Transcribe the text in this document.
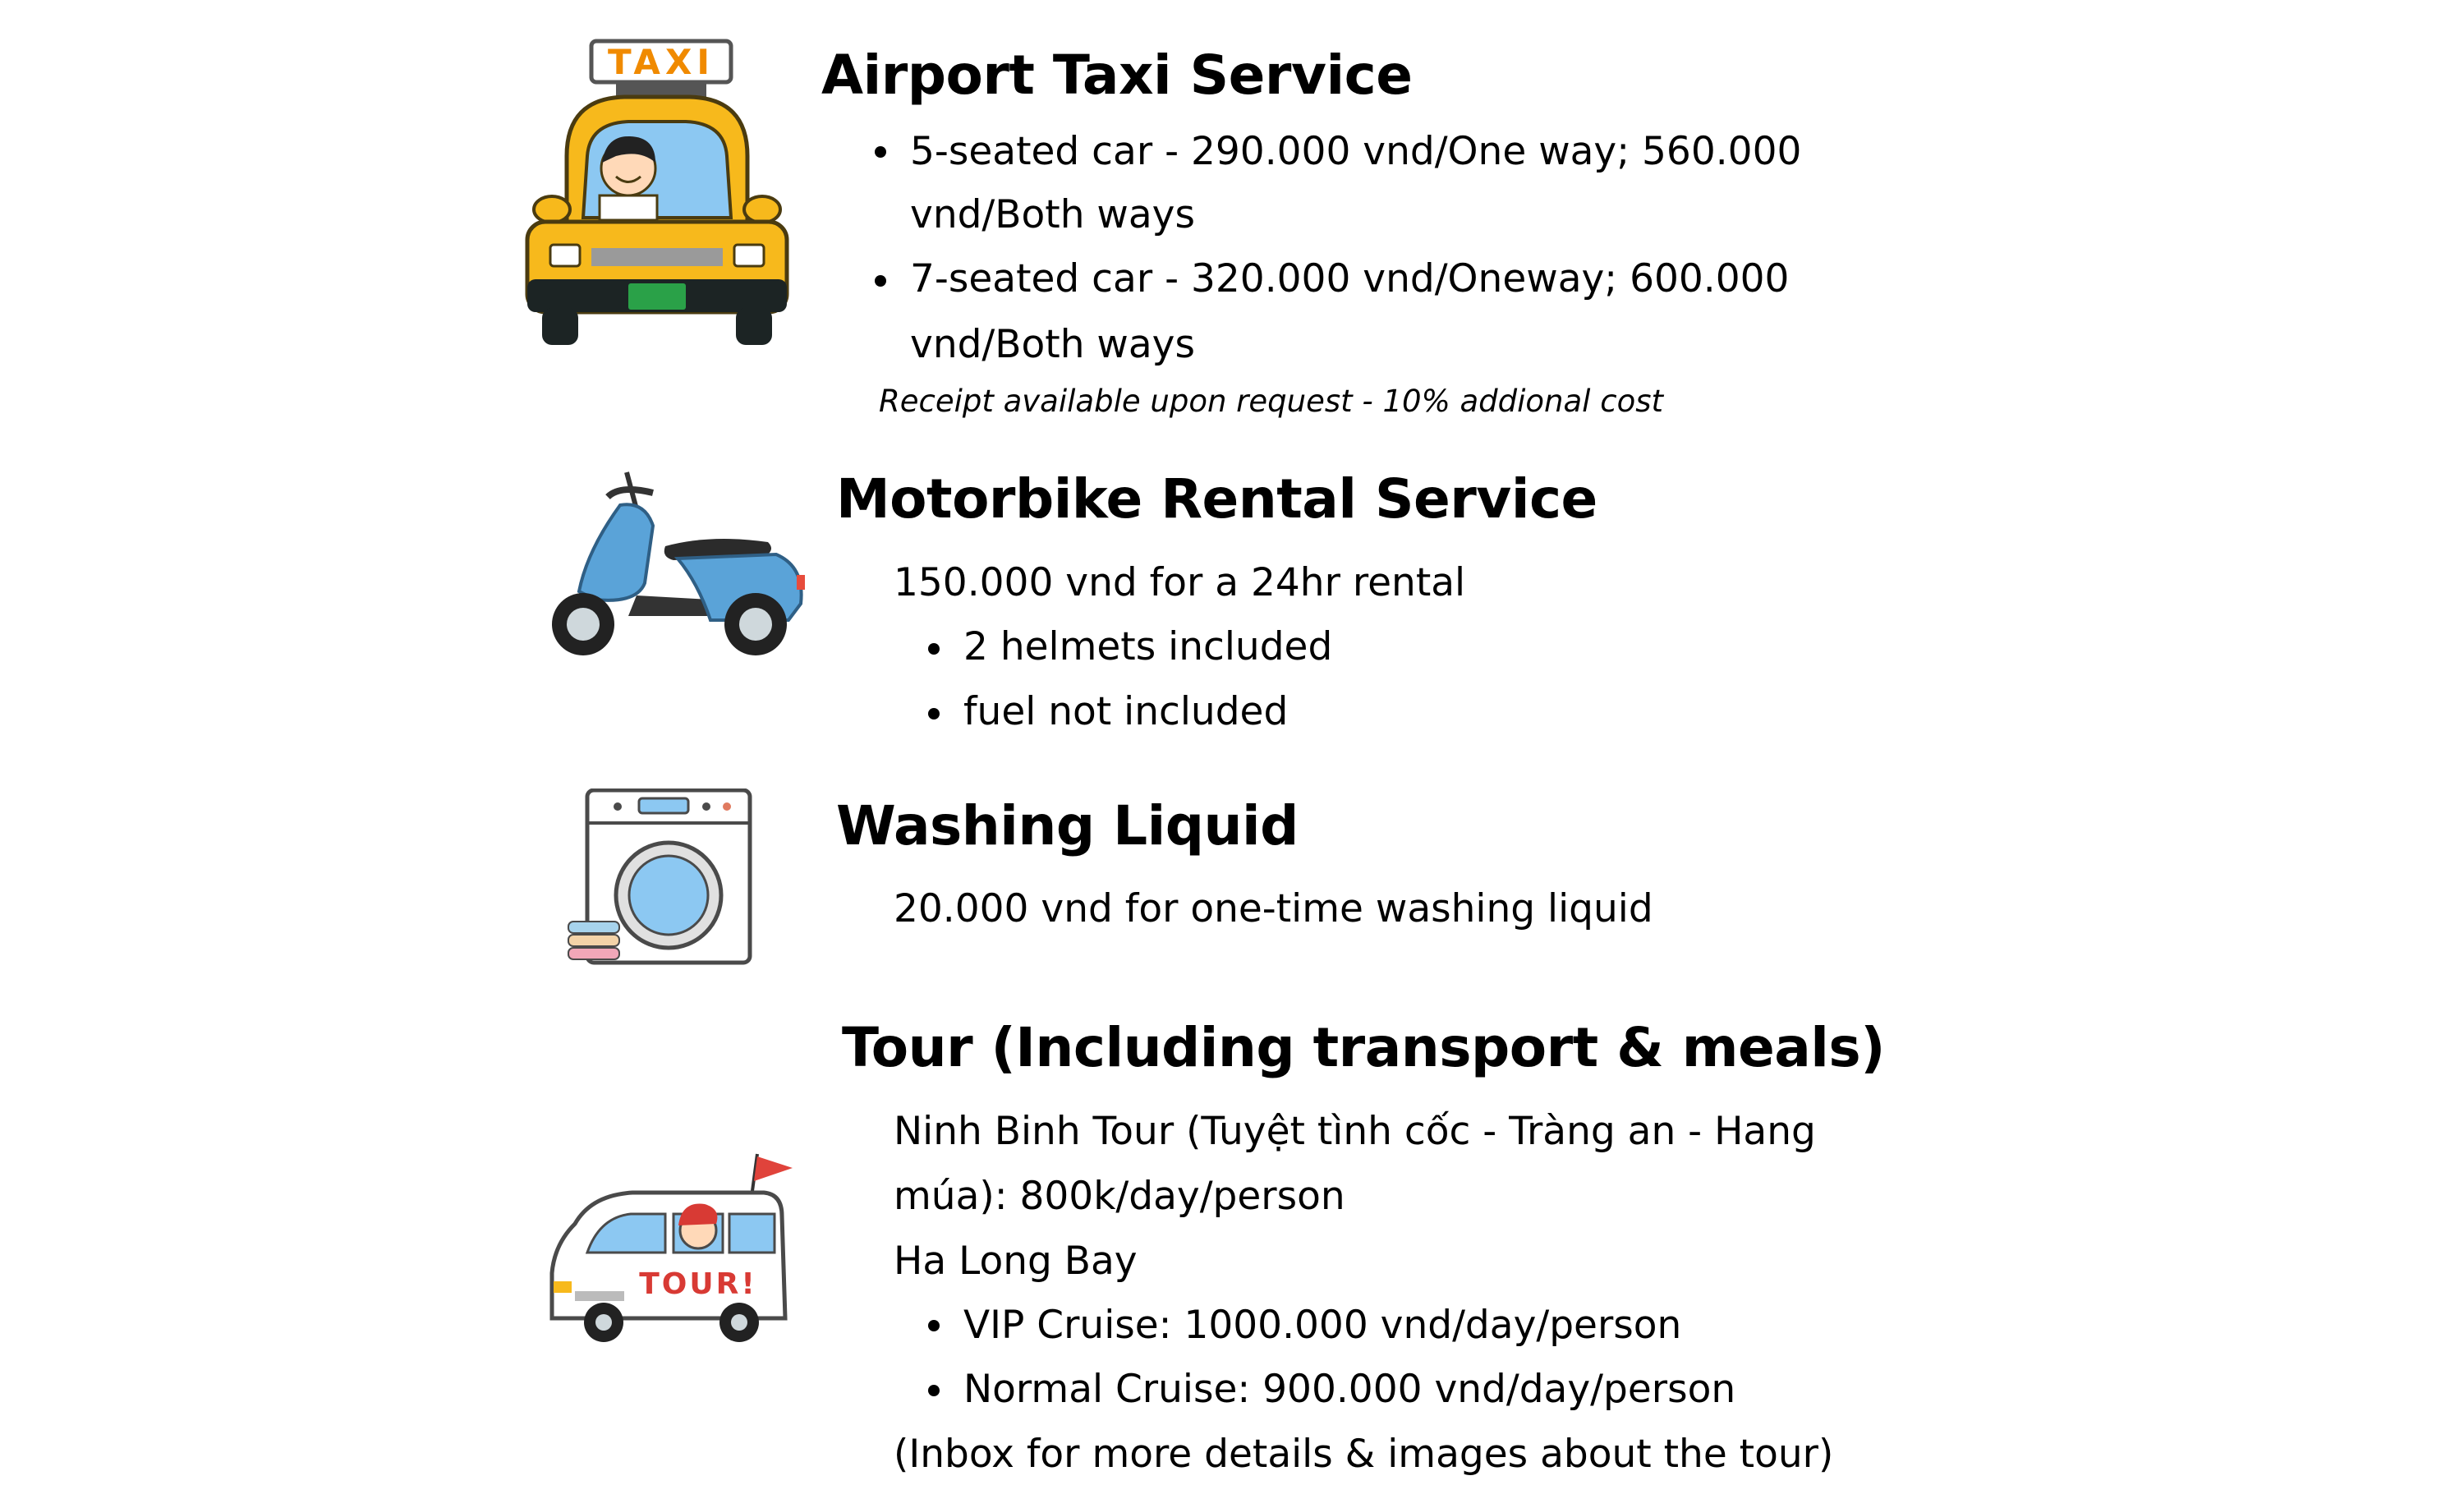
TAXI Airport Taxi Service

5-seated car - 290.000 vnd/One way; 560.000

vnd/Both ways

7-seated car - 320.000 vnd/Oneway; 600.000

vnd/Both ways

Receipt available upon request - 10% addional cost

Motorbike Rental Service

150.000 vnd for a 24hr rental

2 helmets included

fuel not included

Washing Liquid

20.000 vnd for one-time washing liquid

TOUR!
Tour (Including transport & meals)

Ninh Binh Tour (Tuyệt tình cốc - Tràng an - Hang

múa): 800k/day/person

Ha Long Bay

VIP Cruise: 1000.000 vnd/day/person

Normal Cruise: 900.000 vnd/day/person

(Inbox for more details & images about the tour)
